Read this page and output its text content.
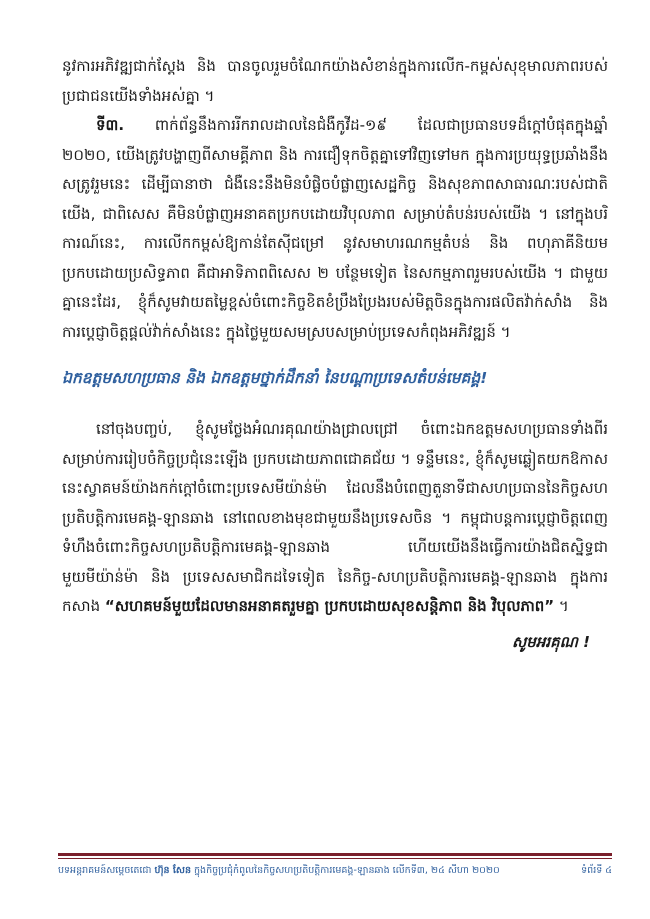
នូវការអភិវឌ្ឍជាក់ស្តែង និង បានចូលរួមចំណែកយ៉ាងសំខាន់ក្នុងការលើក-កម្ពស់សុខុមាលភាពរបស់ប្រជាជនយើងទាំងអស់គ្នា ។

ទី៣. ពាក់ព័ន្ធនឹងការរីករាលដាលនៃជំងឺកូវីដ-១៩ ដែលជាប្រធានបទដ៏ក្តៅបំផុតក្នុងឆ្នាំ ២០២០, យើងត្រូវបង្ហាញពីសាមគ្គីភាព និង ការជឿទុកចិត្តគ្នាទៅវិញទៅមក ក្នុងការប្រយុទ្ធប្រឆាំងនឹងសត្រូវរួមនេះ ដើម្បីធានាថា ជំងឺនេះនឹងមិនបំផ្លិចបំផ្លាញសេដ្ឋកិច្ច និងសុខភាពសាធារណៈរបស់ជាតិយើង, ជាពិសេស គឺមិនបំផ្លាញអនាគតប្រកបដោយវិបុលភាព សម្រាប់តំបន់របស់យើង ។ នៅក្នុងបរិការណ៍នេះ, ការលើកកម្ពស់ឱ្យកាន់តែស៊ីជម្រៅ នូវសមាហរណកម្មតំបន់ និង ពហុភាគីនិយមប្រកបដោយប្រសិទ្ធភាព គឺជាអាទិភាពពិសេស ២ បន្ថែមទៀត នៃសកម្មភាពរួមរបស់យើង ។ ជាមួយគ្នានេះដែរ, ខ្ញុំក៏សូមវាយតម្លៃខ្ពស់ចំពោះកិច្ចខិតខំប្រឹងប្រែងរបស់មិត្តចិនក្នុងការផលិតវ៉ាក់សាំង និង ការប្តេជ្ញាចិត្តផ្តល់វ៉ាក់សាំងនេះ ក្នុងថ្លៃមួយសមស្របសម្រាប់ប្រទេសកំពុងអភិវឌ្ឍន៍ ។

ឯកឧត្តមសហប្រធាន និង ឯកឧត្តមថ្នាក់ដឹកនាំ នៃបណ្តាប្រទេសតំបន់មេគង្គ!

នៅចុងបញ្ចប់, ខ្ញុំសូមថ្លែងអំណរគុណយ៉ាងជ្រាលជ្រៅ ចំពោះឯកឧត្តមសហប្រធានទាំងពីរ សម្រាប់ការរៀបចំកិច្ចប្រជុំនេះឡើង ប្រកបដោយភាពជោគជ័យ ។ ទន្ទឹមនេះ, ខ្ញុំក៏សូមឆ្លៀតយកឱកាសនេះស្វាគមន៍យ៉ាងកក់ក្តៅចំពោះប្រទេសមីយ៉ាន់ម៉ា ដែលនឹងបំពេញតួនាទីជាសហប្រធាននៃកិច្ចសហប្រតិបត្តិការមេគង្គ-ឡានឆាង នៅពេលខាងមុខជាមួយនឹងប្រទេសចិន ។ កម្ពុជាបន្តការប្តេជ្ញាចិត្តពេញទំហឹងចំពោះកិច្ចសហប្រតិបត្តិការមេគង្គ-ឡានឆាង ហើយយើងនឹងធ្វើការយ៉ាងជិតស្និទ្ធជាមួយមីយ៉ាន់ម៉ា និង ប្រទេសសមាជិកដទៃទៀត នៃកិច្ច-សហប្រតិបត្តិការមេគង្គ-ឡានឆាង ក្នុងការកសាង “សហគមន៍មួយដែលមានអនាគតរួមគ្នា ប្រកបដោយសុខសន្តិភាព និង វិបុលភាព” ។

សូមអរគុណ !

បទអន្តរាគមន៍សម្តេចតេជោ ហ៊ុន សែន ក្នុងកិច្ចប្រជុំកំពូលនៃកិច្ចសហប្រតិបត្តិការមេគង្គ-ឡានឆាង លើកទី៣, ២៤ សីហា ២០២០	ទំព័រទី ៤
